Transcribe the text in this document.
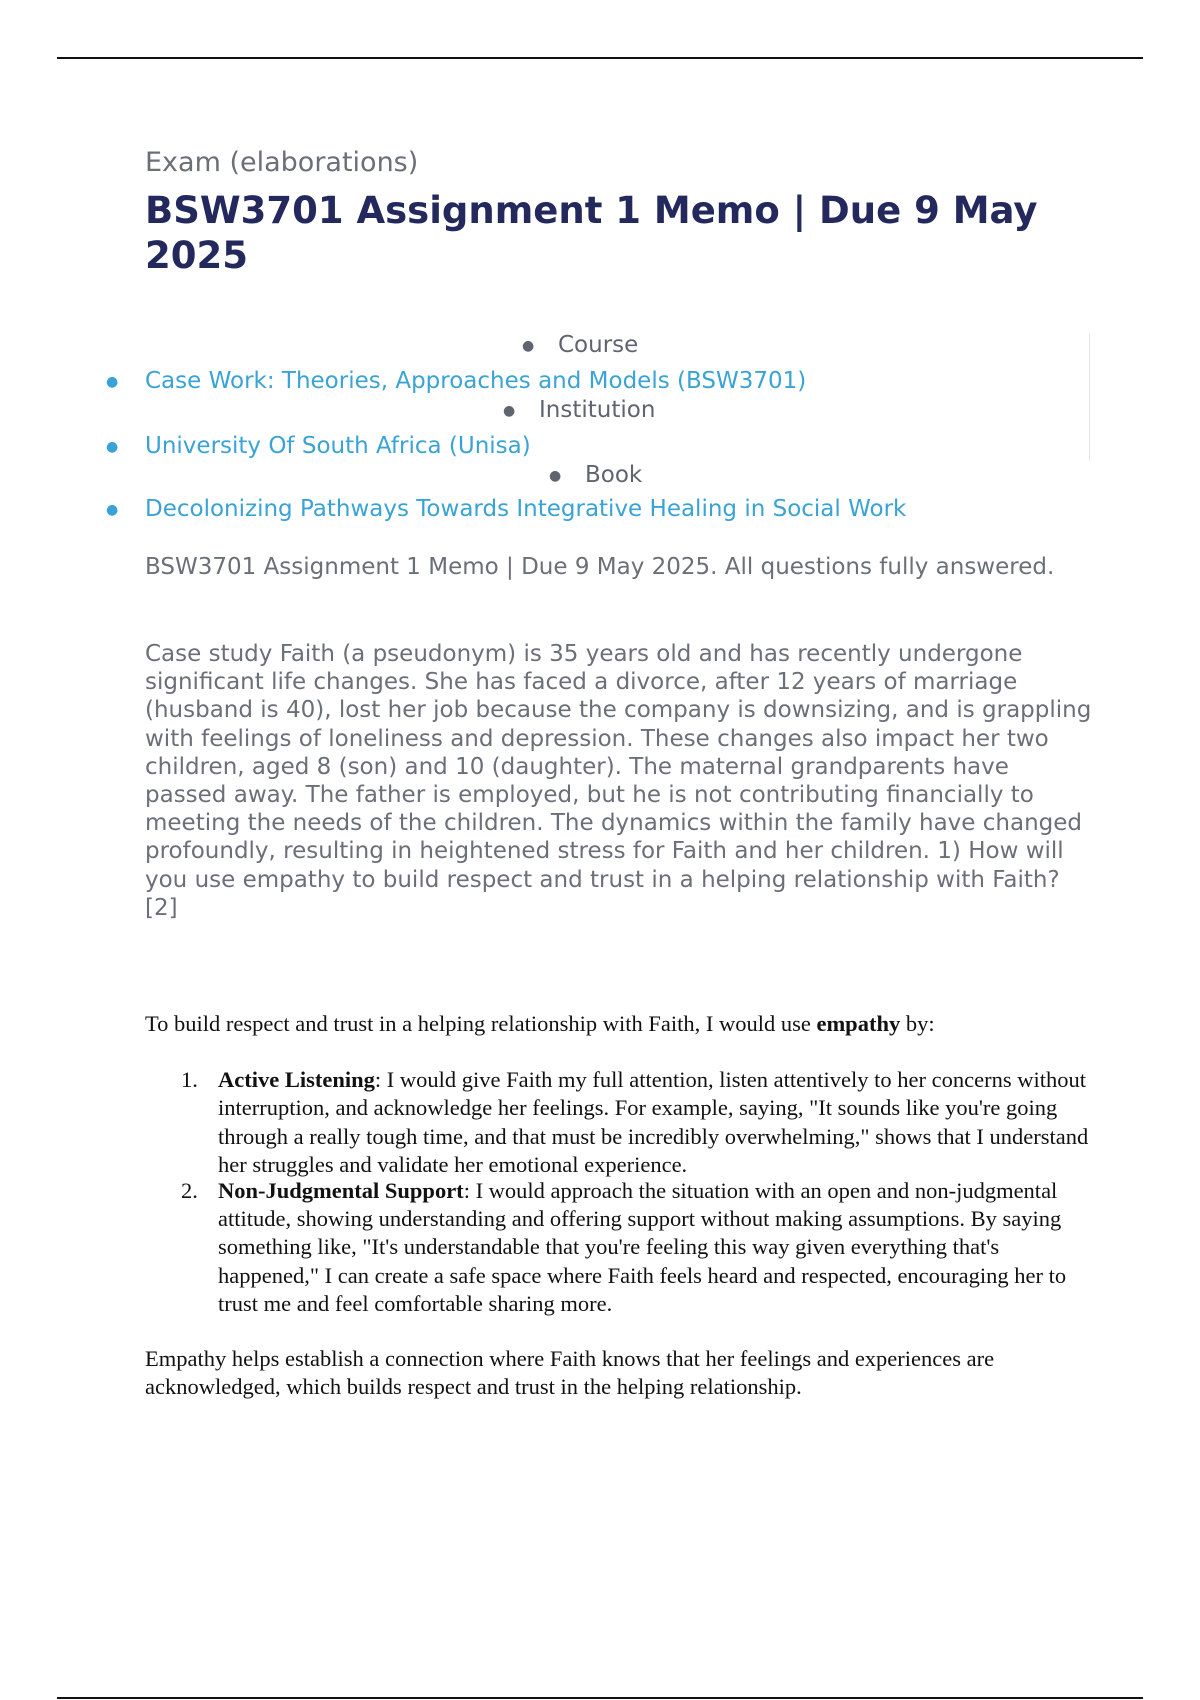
Exam (elaborations)
BSW3701 Assignment 1 Memo | Due 9 May 2025
● Course
● Case Work: Theories, Approaches and Models (BSW3701)
● Institution
● University Of South Africa (Unisa)
● Book
● Decolonizing Pathways Towards Integrative Healing in Social Work

BSW3701 Assignment 1 Memo | Due 9 May 2025. All questions fully answered.

Case study Faith (a pseudonym) is 35 years old and has recently undergone significant life changes. She has faced a divorce, after 12 years of marriage (husband is 40), lost her job because the company is downsizing, and is grappling with feelings of loneliness and depression. These changes also impact her two children, aged 8 (son) and 10 (daughter). The maternal grandparents have passed away. The father is employed, but he is not contributing financially to meeting the needs of the children. The dynamics within the family have changed profoundly, resulting in heightened stress for Faith and her children. 1) How will you use empathy to build respect and trust in a helping relationship with Faith? [2]

To build respect and trust in a helping relationship with Faith, I would use empathy by:

1. Active Listening: I would give Faith my full attention, listen attentively to her concerns without interruption, and acknowledge her feelings. For example, saying, "It sounds like you're going through a really tough time, and that must be incredibly overwhelming," shows that I understand her struggles and validate her emotional experience.
2. Non-Judgmental Support: I would approach the situation with an open and non-judgmental attitude, showing understanding and offering support without making assumptions. By saying something like, "It's understandable that you're feeling this way given everything that's happened," I can create a safe space where Faith feels heard and respected, encouraging her to trust me and feel comfortable sharing more.

Empathy helps establish a connection where Faith knows that her feelings and experiences are acknowledged, which builds respect and trust in the helping relationship.
